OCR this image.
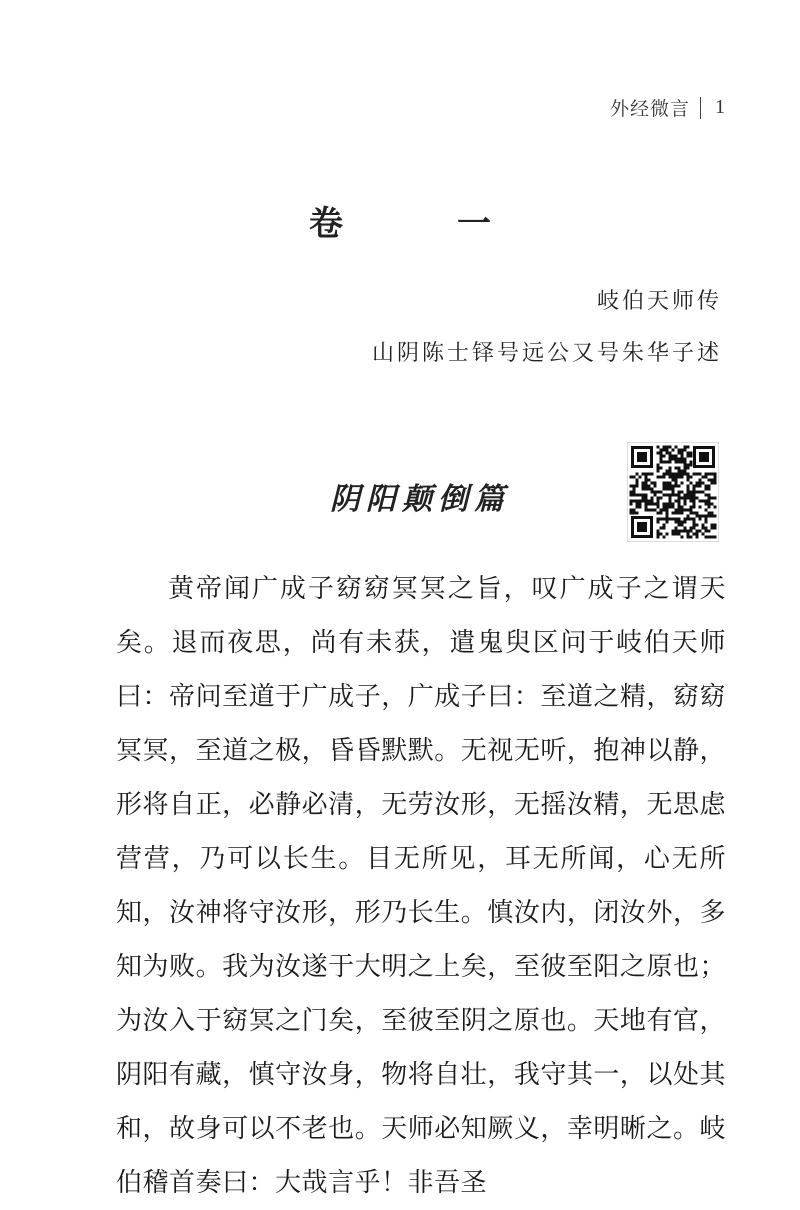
外经微言 1
卷　一
岐伯天师传
山阴陈士铎号远公又号朱华子述
阴阳颠倒篇
黄帝闻广成子窈窈冥冥之旨，叹广成子之谓天矣。退而夜思，尚有未获，遣鬼臾区问于岐伯天师曰：帝问至道于广成子，广成子曰：至道之精，窈窈冥冥，至道之极，昏昏默默。无视无听，抱神以静，形将自正，必静必清，无劳汝形，无摇汝精，无思虑营营，乃可以长生。目无所见，耳无所闻，心无所知，汝神将守汝形，形乃长生。慎汝内，闭汝外，多知为败。我为汝遂于大明之上矣，至彼至阳之原也；为汝入于窈冥之门矣，至彼至阴之原也。天地有官，阴阳有藏，慎守汝身，物将自壮，我守其一，以处其和，故身可以不老也。天师必知厥义，幸明晰之。岐伯稽首奏曰：大哉言乎！非吾圣
